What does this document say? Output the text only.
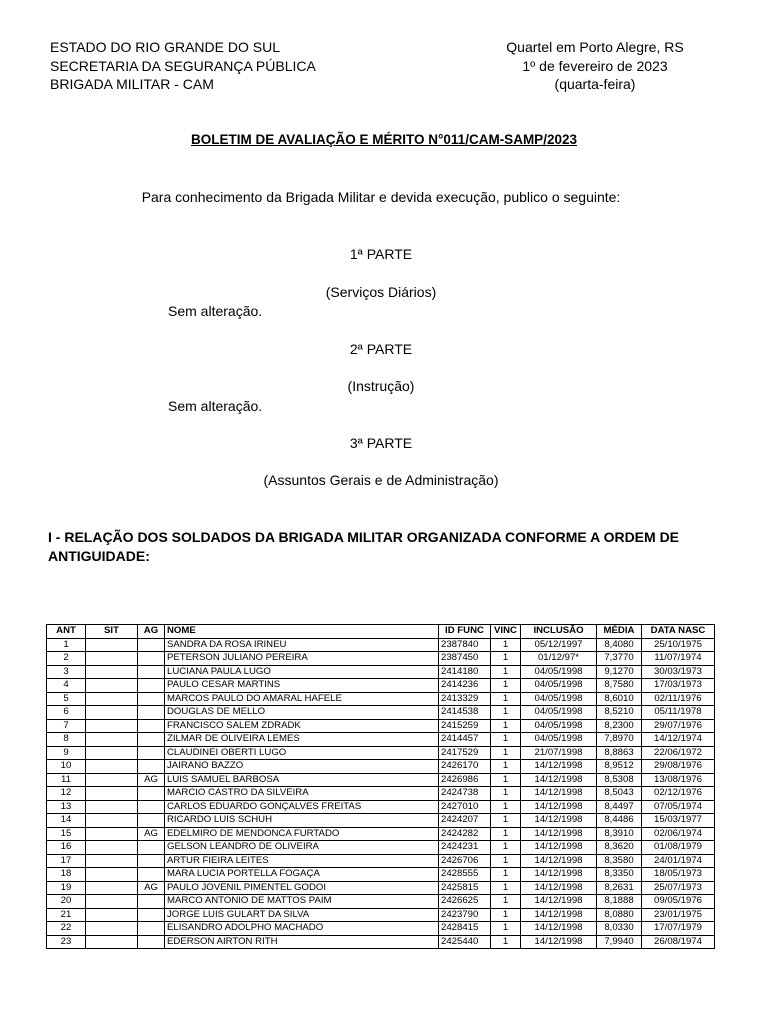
ESTADO DO RIO GRANDE DO SUL
SECRETARIA DA SEGURANÇA PÚBLICA
BRIGADA MILITAR - CAM
Quartel em Porto Alegre, RS
1º de fevereiro de 2023
(quarta-feira)
BOLETIM DE AVALIAÇÃO E MÉRITO N°011/CAM-SAMP/2023
Para conhecimento da Brigada Militar e devida execução, publico o seguinte:
1ª PARTE
(Serviços Diários)
Sem alteração.
2ª PARTE
(Instrução)
Sem alteração.
3ª PARTE
(Assuntos Gerais e de Administração)
I - RELAÇÃO DOS SOLDADOS DA BRIGADA MILITAR ORGANIZADA CONFORME A ORDEM DE ANTIGUIDADE:
ANT	SIT	AG	NOME	ID FUNC	VINC	INCLUSÃO	MÉDIA	DATA NASC
1			SANDRA DA ROSA IRINEU	2387840	1	05/12/1997	8,4080	25/10/1975
2			PETERSON JULIANO PEREIRA	2387450	1	01/12/97*	7,3770	11/07/1974
3			LUCIANA PAULA LUGO	2414180	1	04/05/1998	9,1270	30/03/1973
4			PAULO CESAR MARTINS	2414236	1	04/05/1998	8,7580	17/03/1973
5			MARCOS PAULO DO AMARAL HAFELE	2413329	1	04/05/1998	8,6010	02/11/1976
6			DOUGLAS DE MELLO	2414538	1	04/05/1998	8,5210	05/11/1978
7			FRANCISCO SALEM ZDRADK	2415259	1	04/05/1998	8,2300	29/07/1976
8			ZILMAR DE OLIVEIRA LEMES	2414457	1	04/05/1998	7,8970	14/12/1974
9			CLAUDINEI OBERTI LUGO	2417529	1	21/07/1998	8,8863	22/06/1972
10			JAIRANO BAZZO	2426170	1	14/12/1998	8,9512	29/08/1976
11		AG	LUIS SAMUEL BARBOSA	2426986	1	14/12/1998	8,5308	13/08/1976
12			MARCIO CASTRO DA SILVEIRA	2424738	1	14/12/1998	8,5043	02/12/1976
13			CARLOS EDUARDO GONÇALVES FREITAS	2427010	1	14/12/1998	8,4497	07/05/1974
14			RICARDO LUIS SCHUH	2424207	1	14/12/1998	8,4486	15/03/1977
15		AG	EDELMIRO DE MENDONCA FURTADO	2424282	1	14/12/1998	8,3910	02/06/1974
16			GELSON LEANDRO DE OLIVEIRA	2424231	1	14/12/1998	8,3620	01/08/1979
17			ARTUR FIEIRA LEITES	2426706	1	14/12/1998	8,3580	24/01/1974
18			MARA LUCIA PORTELLA FOGAÇA	2428555	1	14/12/1998	8,3350	18/05/1973
19		AG	PAULO JOVENIL PIMENTEL GODOI	2425815	1	14/12/1998	8,2631	25/07/1973
20			MARCO ANTONIO DE MATTOS PAIM	2426625	1	14/12/1998	8,1888	09/05/1976
21			JORGE LUIS GULART DA SILVA	2423790	1	14/12/1998	8,0880	23/01/1975
22			ELISANDRO ADOLPHO MACHADO	2428415	1	14/12/1998	8,0330	17/07/1979
23			EDERSON AIRTON RITH	2425440	1	14/12/1998	7,9940	26/08/1974
